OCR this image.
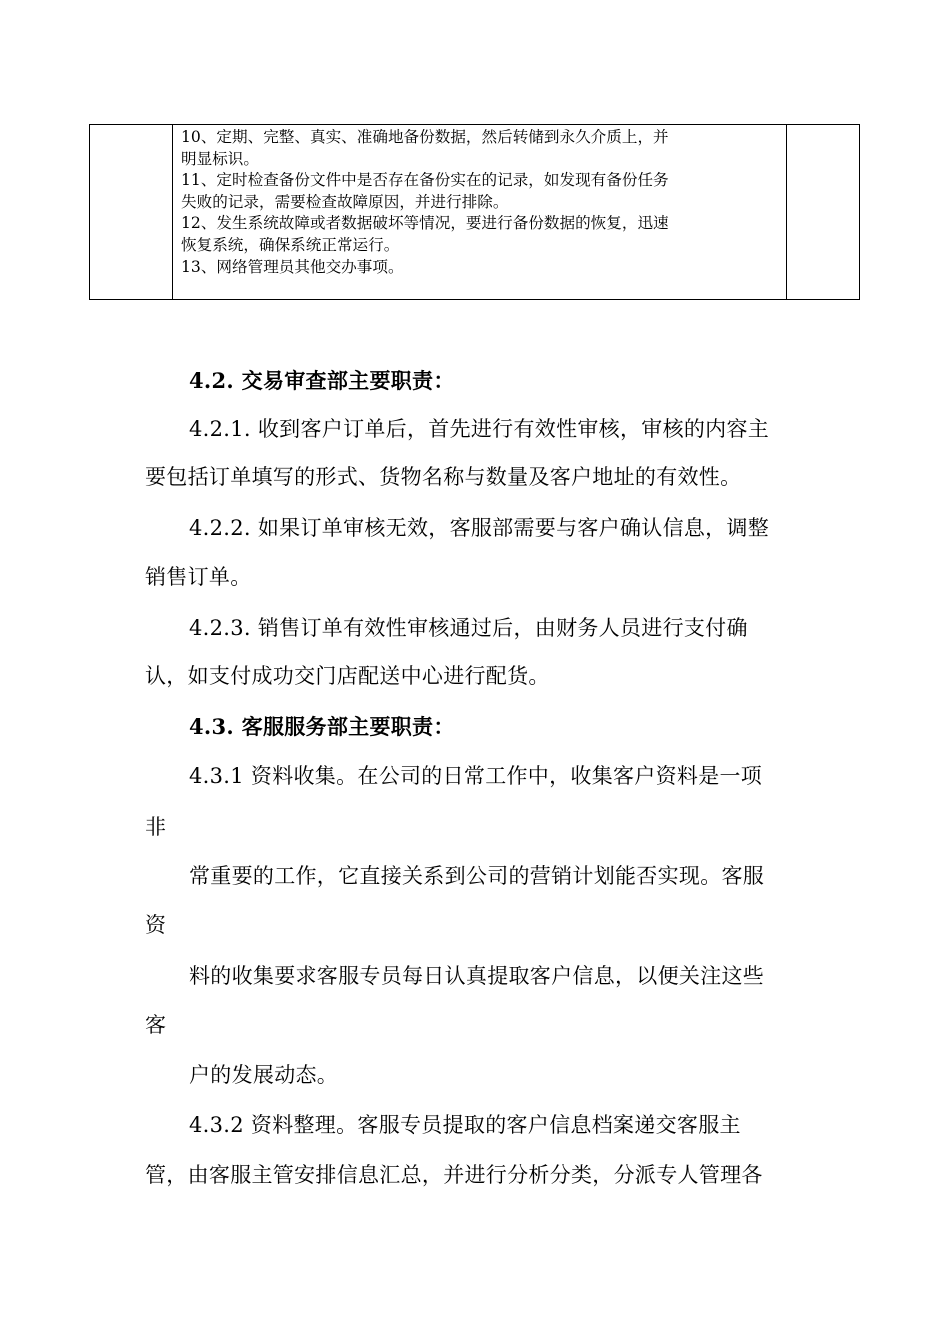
10、定期、完整、真实、准确地备份数据，然后转储到永久介质上，并

明显标识。

11、定时检查备份文件中是否存在备份实在的记录，如发现有备份任务

失败的记录，需要检查故障原因，并进行排除。

12、发生系统故障或者数据破坏等情况，要进行备份数据的恢复，迅速

恢复系统，确保系统正常运行。

13、网络管理员其他交办事项。

4.2. 交易审查部主要职责：
4.2.1. 收到客户订单后，首先进行有效性审核，审核的内容主
要包括订单填写的形式、货物名称与数量及客户地址的有效性。
4.2.2. 如果订单审核无效，客服部需要与客户确认信息，调整
销售订单。
4.2.3. 销售订单有效性审核通过后，由财务人员进行支付确
认，如支付成功交门店配送中心进行配货。
4.3. 客服服务部主要职责：
4.3.1 资料收集。在公司的日常工作中，收集客户资料是一项
非
常重要的工作，它直接关系到公司的营销计划能否实现。客服
资
料的收集要求客服专员每日认真提取客户信息，以便关注这些
客
户的发展动态。
4.3.2 资料整理。客服专员提取的客户信息档案递交客服主
管，由客服主管安排信息汇总，并进行分析分类，分派专人管理各
